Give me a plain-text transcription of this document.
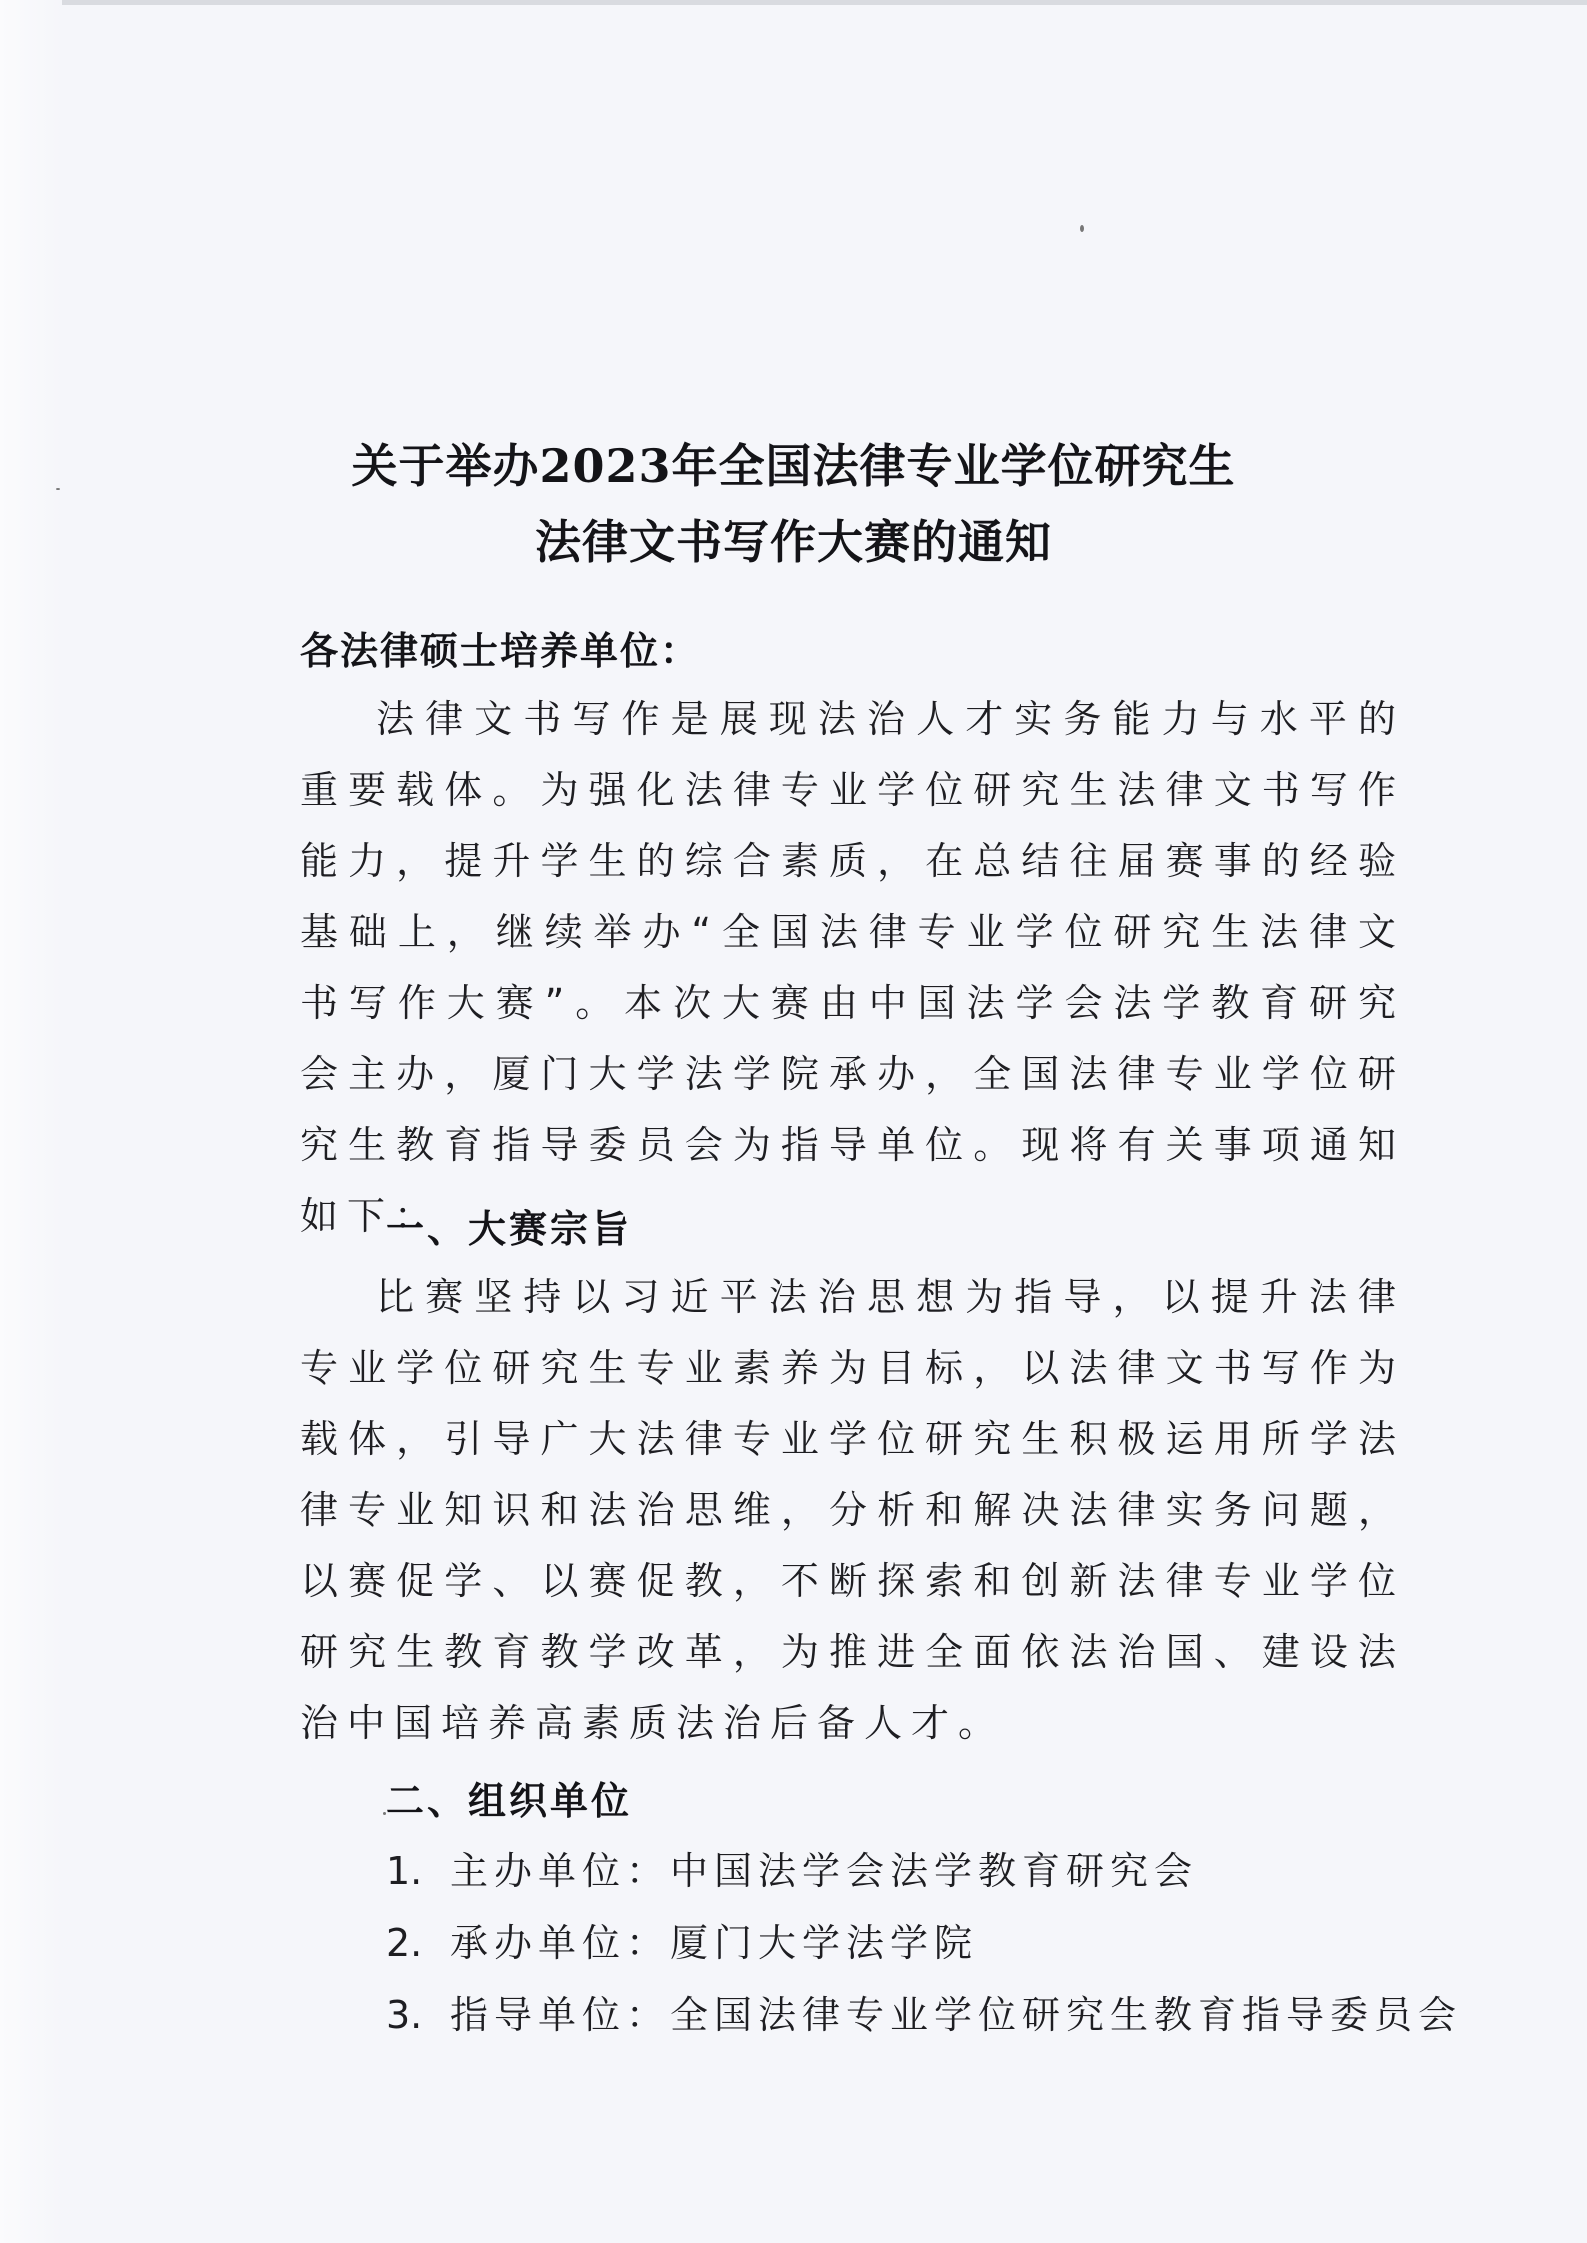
关于举办2023年全国法律专业学位研究生
法律文书写作大赛的通知
各法律硕士培养单位：
法律文书写作是展现法治人才实务能力与水平的重要载体。为强化法律专业学位研究生法律文书写作能力，提升学生的综合素质，在总结往届赛事的经验基础上，继续举办“全国法律专业学位研究生法律文书写作大赛”。本次大赛由中国法学会法学教育研究会主办，厦门大学法学院承办，全国法律专业学位研究生教育指导委员会为指导单位。现将有关事项通知如下：
一、大赛宗旨
比赛坚持以习近平法治思想为指导，以提升法律专业学位研究生专业素养为目标，以法律文书写作为载体，引导广大法律专业学位研究生积极运用所学法律专业知识和法治思维，分析和解决法律实务问题，以赛促学、以赛促教，不断探索和创新法律专业学位研究生教育教学改革，为推进全面依法治国、建设法治中国培养高素质法治后备人才。
二、组织单位
1. 主办单位：中国法学会法学教育研究会
2. 承办单位：厦门大学法学院
3. 指导单位：全国法律专业学位研究生教育指导委员会
